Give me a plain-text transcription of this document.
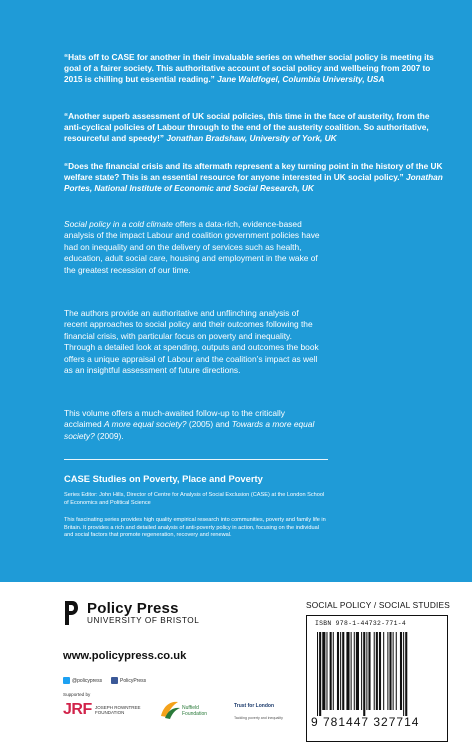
“Hats off to CASE for another in their invaluable series on whether social policy is meeting its goal of a fairer society. This authoritative account of social policy and wellbeing from 2007 to 2015 is chilling but essential reading.” Jane Waldfogel, Columbia University, USA
“Another superb assessment of UK social policies, this time in the face of austerity, from the anti-cyclical policies of Labour through to the end of the austerity coalition. So authoritative, resourceful and speedy!” Jonathan Bradshaw, University of York, UK
“Does the financial crisis and its aftermath represent a key turning point in the history of the UK welfare state? This is an essential resource for anyone interested in UK social policy.” Jonathan Portes, National Institute of Economic and Social Research, UK
Social policy in a cold climate offers a data-rich, evidence-based analysis of the impact Labour and coalition government policies have had on inequality and on the delivery of services such as health, education, adult social care, housing and employment in the wake of the greatest recession of our time.
The authors provide an authoritative and unflinching analysis of recent approaches to social policy and their outcomes following the financial crisis, with particular focus on poverty and inequality. Through a detailed look at spending, outputs and outcomes the book offers a unique appraisal of Labour and the coalition’s impact as well as an insightful assessment of future directions.
This volume offers a much-awaited follow-up to the critically acclaimed A more equal society? (2005) and Towards a more equal society? (2009).
CASE Studies on Poverty, Place and Poverty
Series Editor: John Hills, Director of Centre for Analysis of Social Exclusion (CASE) at the London School of Economics and Political Science
This fascinating series provides high quality empirical research into communities, poverty and family life in Britain. It provides a rich and detailed analysis of anti-poverty policy in action, focusing on the individual and social factors that promote regeneration, recovery and renewal.
Policy Press
UNIVERSITY OF BRISTOL
www.policypress.co.uk
@policypress	PolicyPress
Supported by
JRF JOSEPH ROWNTREE FOUNDATION
Nuffield Foundation
Trust for London
Tackling poverty and inequality
SOCIAL POLICY / SOCIAL STUDIES
ISBN 978-1-44732-771-4
9 781447 327714
